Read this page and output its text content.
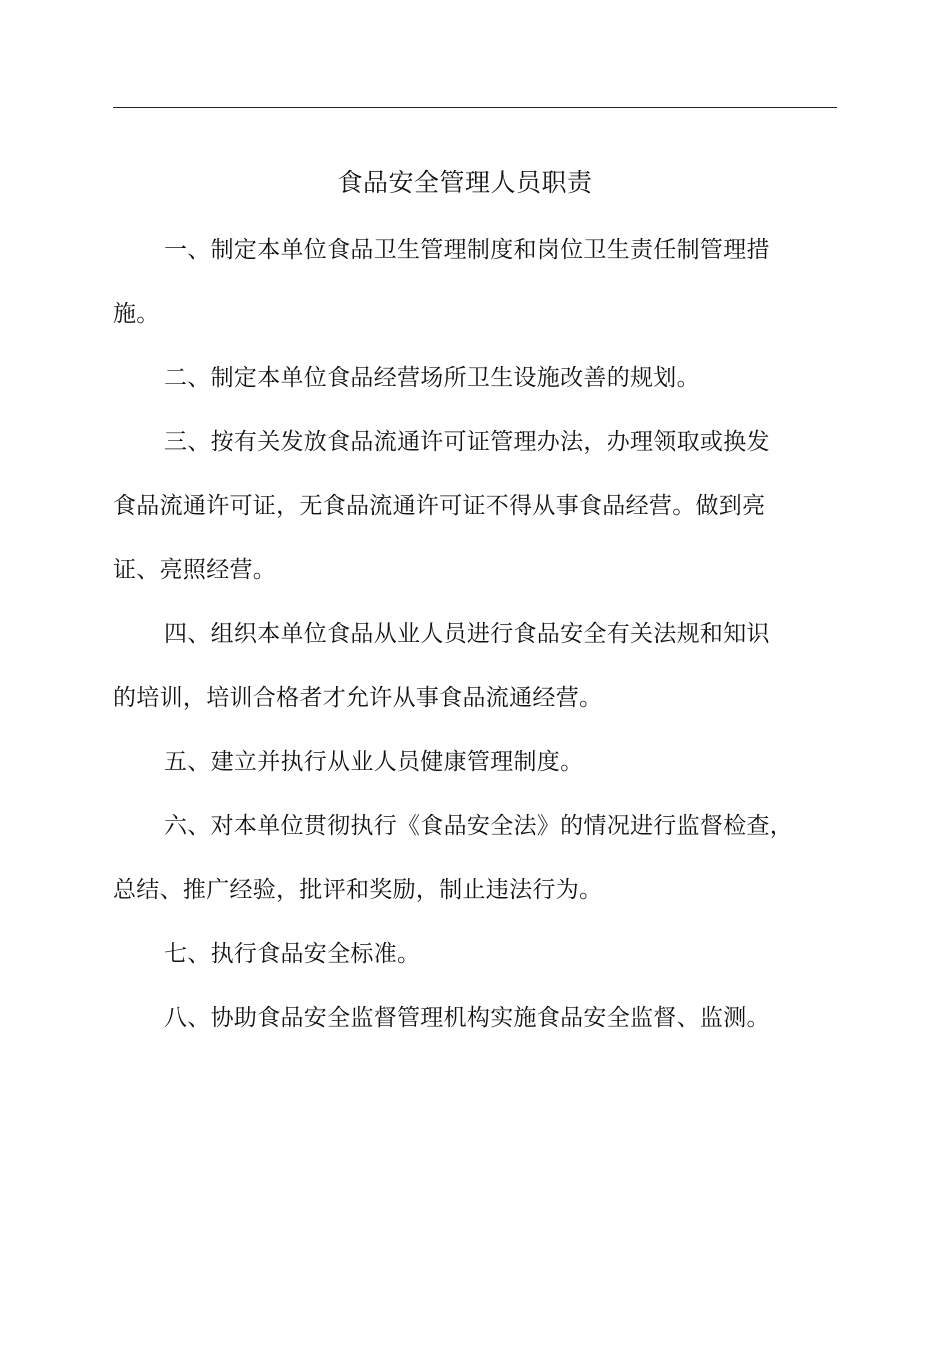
食品安全管理人员职责
一、制定本单位食品卫生管理制度和岗位卫生责任制管理措
施。
二、制定本单位食品经营场所卫生设施改善的规划。
三、按有关发放食品流通许可证管理办法，办理领取或换发
食品流通许可证，无食品流通许可证不得从事食品经营。做到亮
证、亮照经营。
四、组织本单位食品从业人员进行食品安全有关法规和知识
的培训，培训合格者才允许从事食品流通经营。
五、建立并执行从业人员健康管理制度。
六、对本单位贯彻执行《食品安全法》的情况进行监督检查，
总结、推广经验，批评和奖励，制止违法行为。
七、执行食品安全标准。
八、协助食品安全监督管理机构实施食品安全监督、监测。
